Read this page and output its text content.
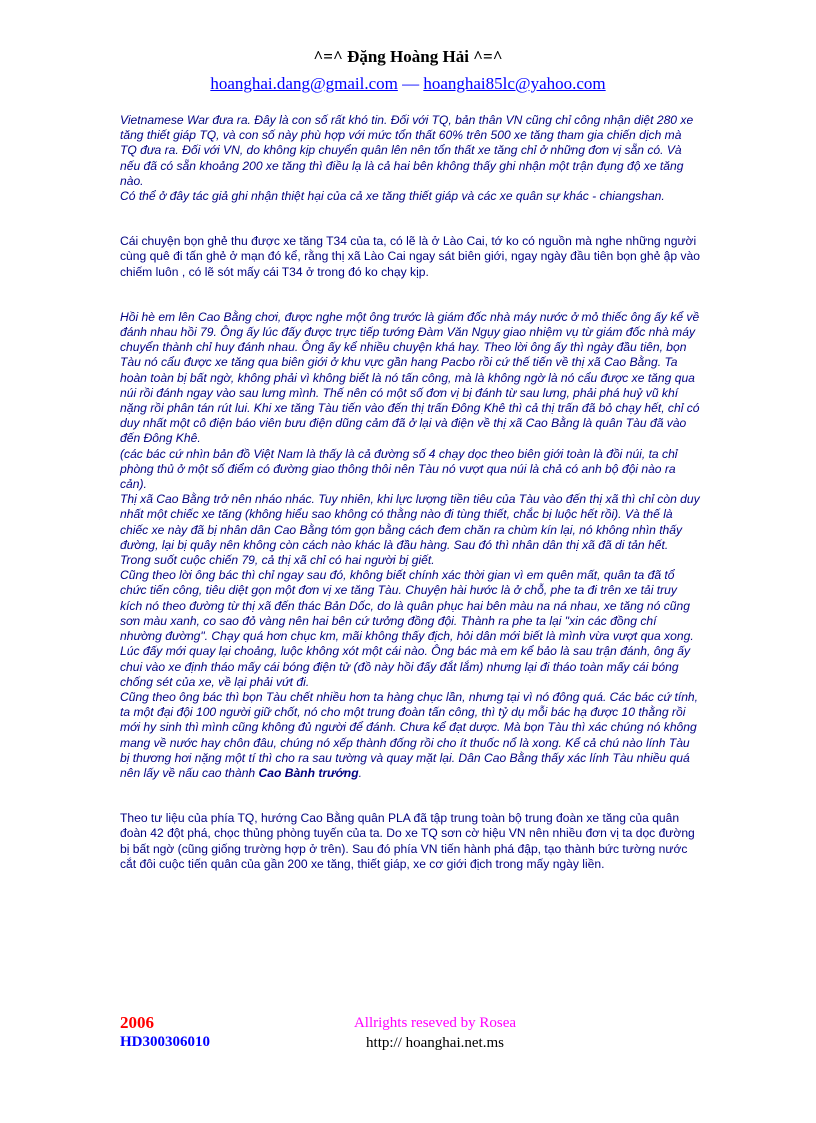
^=^ Đặng Hoàng Hải ^=^
hoanghai.dang@gmail.com — hoanghai85lc@yahoo.com

Vietnamese War đưa ra. Đây là con số rất khó tin. Đối với TQ, bản thân VN cũng chỉ công nhận diệt 280 xe tăng thiết giáp TQ, và con số này phù hợp với mức tổn thất 60% trên 500 xe tăng tham gia chiến dịch mà TQ đưa ra. Đối với VN, do không kịp chuyển quân lên nên tổn thất xe tăng chỉ ở những đơn vị sẵn có. Và nếu đã có sẵn khoảng 200 xe tăng thì điều lạ là cả hai bên không thấy ghi nhận một trận đụng độ xe tăng nào.

Có thể ở đây tác giả ghi nhận thiệt hại của cả xe tăng thiết giáp và các xe quân sự khác - chiangshan.

Cái chuyện bọn ghẻ thu được xe tăng T34 của ta, có lẽ là ở Lào Cai, tớ ko có nguồn mà nghe những người cùng quê đi tấn ghẻ ở mạn đó kể, rằng thị xã Lào Cai ngay sát biên giới, ngay ngày đầu tiên bọn ghẻ ập vào chiếm luôn , có lẽ sót mấy cái T34 ở trong đó ko chạy kịp.

Hồi hè em lên Cao Bằng chơi, được nghe một ông trước là giám đốc nhà máy nước ở mỏ thiếc ông ấy kể về đánh nhau hồi 79. Ông ấy lúc đấy được trực tiếp tướng Đàm Văn Ngụy giao nhiệm vụ từ giám đốc nhà máy chuyển thành chỉ huy đánh nhau. Ông ấy kể nhiều chuyện khá hay. Theo lời ông ấy thì ngày đầu tiên, bọn Tàu nó cẩu được xe tăng qua biên giới ở khu vực gần hang Pacbo rồi cứ thế tiến về thị xã Cao Bằng. Ta hoàn toàn bị bất ngờ, không phải vì không biết là nó tấn công, mà là không ngờ là nó cẩu được xe tăng qua núi rồi đánh ngay vào sau lưng mình. Thế nên có một số đơn vị bị đánh từ sau lưng, phải phá huỷ vũ khí nặng rồi phân tán rút lui. Khi xe tăng Tàu tiến vào đến thị trấn Đông Khê thì cả thị trấn đã bỏ chạy hết, chỉ có duy nhất một cô điện báo viên bưu điện dũng cảm đã ở lại và điện về thị xã Cao Bằng là quân Tàu đã vào đến Đông Khê.

(các bác cứ nhìn bản đồ Việt Nam là thấy là cả đường số 4 chạy dọc theo biên giới toàn là đồi núi, ta chỉ phòng thủ ở một số điểm có đường giao thông thôi nên Tàu nó vượt qua núi là chả có anh bộ đội nào ra cản).

Thị xã Cao Bằng trở nên nháo nhác. Tuy nhiên, khi lực lượng tiền tiêu của Tàu vào đến thị xã thì chỉ còn duy nhất một chiếc xe tăng (không hiểu sao không có thằng nào đi tùng thiết, chắc bị luộc hết rồi). Và thế là chiếc xe này đã bị nhân dân Cao Bằng tóm gọn bằng cách đem chăn ra chùm kín lại, nó không nhìn thấy đường, lại bị quây nên không còn cách nào khác là đầu hàng. Sau đó thì nhân dân thị xã đã di tản hết. Trong suốt cuộc chiến 79, cả thị xã chỉ có hai người bị giết.

Cũng theo lời ông bác thì chỉ ngay sau đó, không biết chính xác thời gian vì em quên mất, quân ta đã tổ chức tiến công, tiêu diệt gọn một đơn vị xe tăng Tàu. Chuyện hài hước là ở chỗ, phe ta đi trên xe tải truy kích nó theo đường từ thị xã đến thác Bản Dốc, do là quân phục hai bên màu na ná nhau, xe tăng nó cũng sơn màu xanh, co sao đỏ vàng nên hai bên cứ tưởng đồng đội. Thành ra phe ta lại "xin các đồng chí nhường đường". Chạy quá hơn chục km, mãi không thấy địch, hỏi dân mới biết là mình vừa vượt qua xong. Lúc đấy mới quay lại choảng, luộc không xót một cái nào. Ông bác mà em kể bảo là sau trận đánh, ông ấy chui vào xe định tháo mấy cái bóng điện tử (đồ này hồi đấy đắt lắm) nhưng lại đi tháo toàn mấy cái bóng chống sét của xe, về lại phải vứt đi.

Cũng theo ông bác thì bọn Tàu chết nhiều hơn ta hàng chục lần, nhưng tại vì nó đông quá. Các bác cứ tính, ta một đại đội 100 người giữ chốt, nó cho một trung đoàn tấn công, thì tỷ dụ mỗi bác hạ được 10 thằng rồi mới hy sinh thì mình cũng không đủ người để đánh. Chưa kể đạt dược. Mà bọn Tàu thì xác chúng nó không mang về nước hay chôn đâu, chúng nó xếp thành đống rồi cho ít thuốc nổ là xong. Kể cả chú nào lính Tàu bị thương hơi nặng một tí thì cho ra sau tường và quay mặt lại. Dân Cao Bằng thấy xác lính Tàu nhiều quá nên lấy về nấu cao thành Cao Bành trướng.

Theo tư liệu của phía TQ, hướng Cao Bằng quân PLA đã tập trung toàn bộ trung đoàn xe tăng của quân đoàn 42 đột phá, chọc thủng phòng tuyến của ta. Do xe TQ sơn cờ hiệu VN nên nhiều đơn vị ta dọc đường bị bất ngờ (cũng giống trường hợp ở trên). Sau đó phía VN tiến hành phá đập, tạo thành bức tường nước cắt đôi cuộc tiến quân của gần 200 xe tăng, thiết giáp, xe cơ giới địch trong mấy ngày liền.

2006
HD300306010
Allrights reseved by Rosea
http:// hoanghai.net.ms
